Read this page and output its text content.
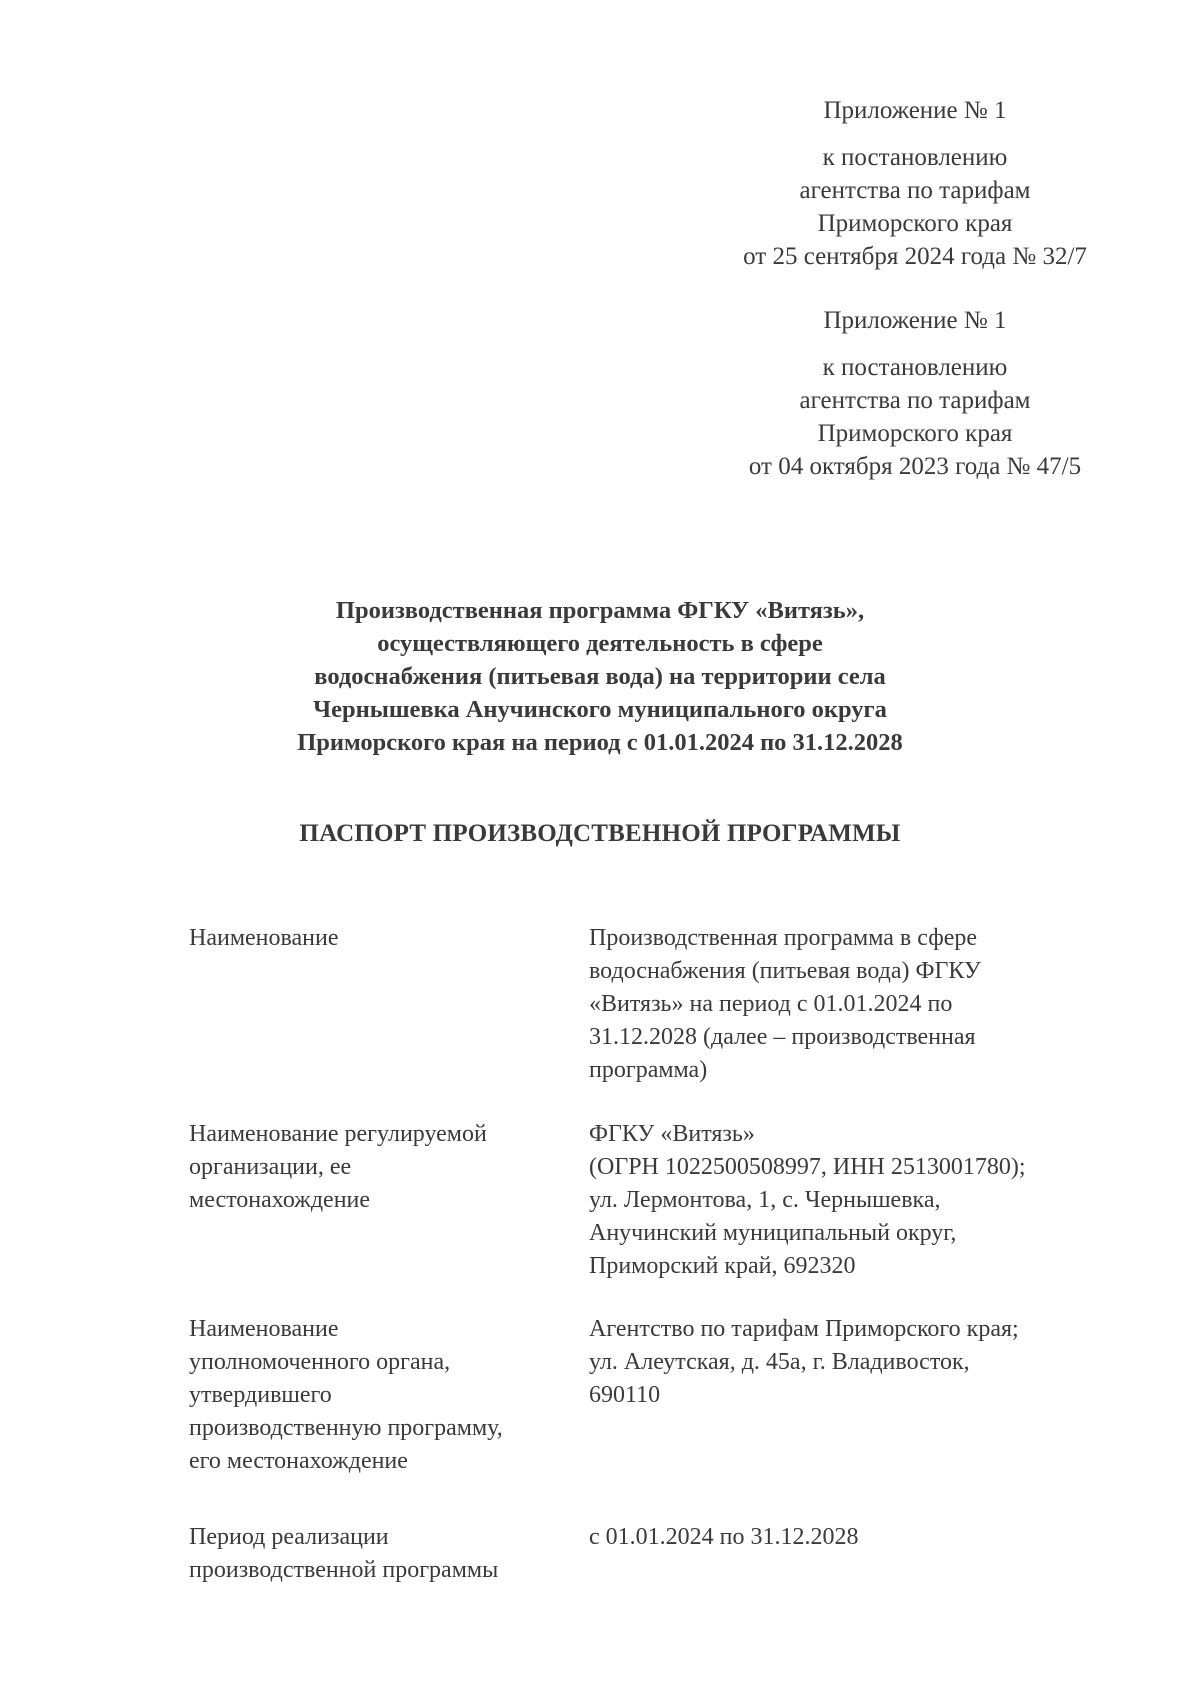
Приложение № 1
к постановлению
агентства по тарифам
Приморского края
от 25 сентября 2024 года № 32/7
Приложение № 1
к постановлению
агентства по тарифам
Приморского края
от 04 октября 2023 года № 47/5
Производственная программа ФГКУ «Витязь»,
осуществляющего деятельность в сфере
водоснабжения (питьевая вода) на территории села
Чернышевка Анучинского муниципального округа
Приморского края на период с 01.01.2024 по 31.12.2028
ПАСПОРТ ПРОИЗВОДСТВЕННОЙ ПРОГРАММЫ
Наименование	Производственная программа в сфере
водоснабжения (питьевая вода) ФГКУ
«Витязь» на период с 01.01.2024 по
31.12.2028 (далее – производственная
программа)
Наименование регулируемой
организации, ее
местонахождение
ФГКУ «Витязь»
(ОГРН 1022500508997, ИНН 2513001780);
ул. Лермонтова, 1, с. Чернышевка,
Анучинский муниципальный округ,
Приморский край, 692320
Наименование
уполномоченного органа,
утвердившего
производственную программу,
его местонахождение
Агентство по тарифам Приморского края;
ул. Алеутская, д. 45а, г. Владивосток,
690110
Период реализации
производственной программы
с 01.01.2024 по 31.12.2028
